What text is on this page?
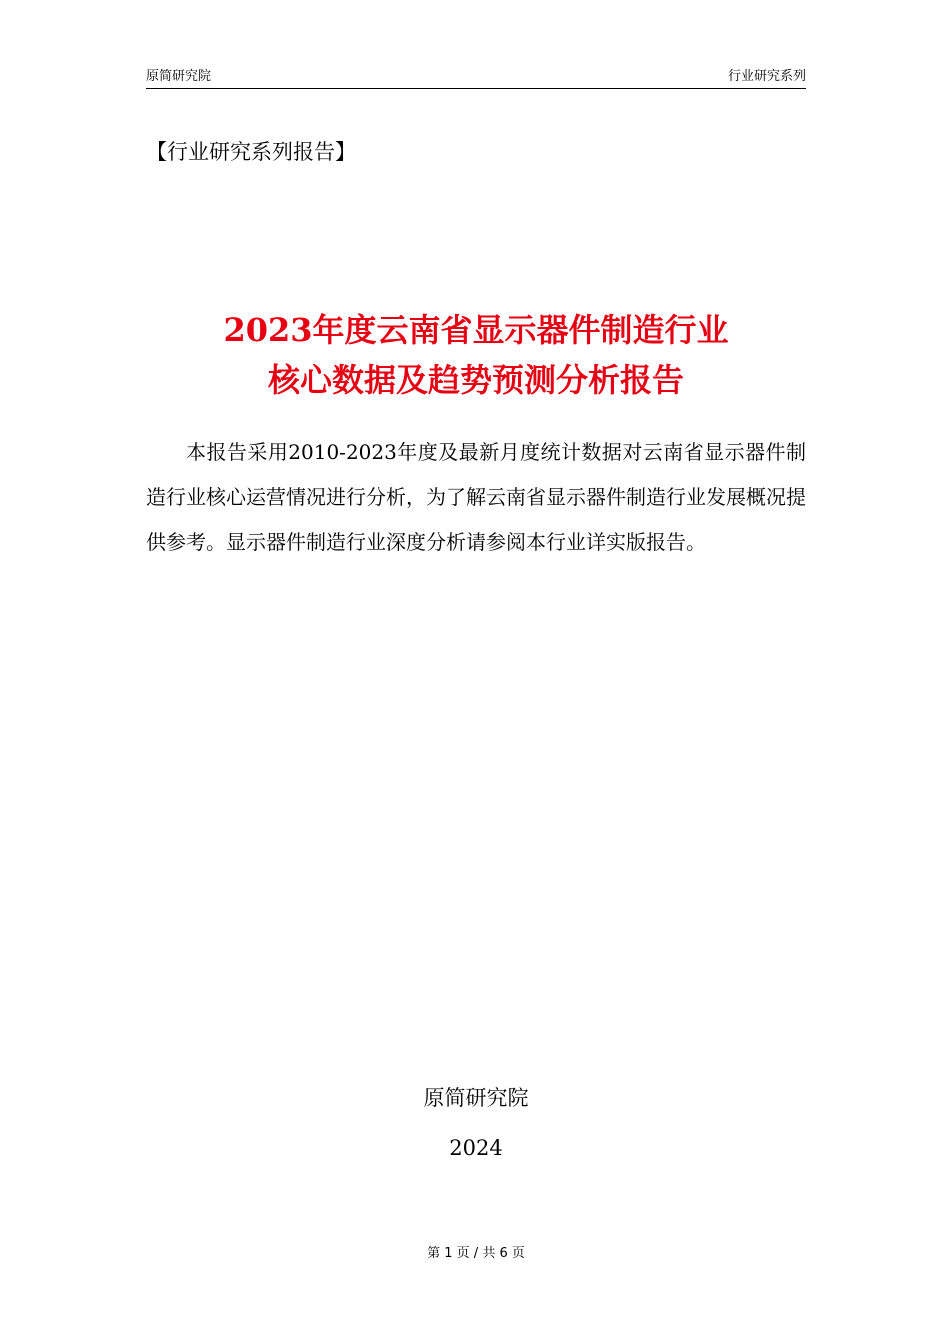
原简研究院	行业研究系列
【行业研究系列报告】
2023年度云南省显示器件制造行业
核心数据及趋势预测分析报告

本报告采用2010-2023年度及最新月度统计数据对云南省显示器件制造行业核心运营情况进行分析，为了解云南省显示器件制造行业发展概况提供参考。显示器件制造行业深度分析请参阅本行业详实版报告。

原简研究院
2024
第 1 页 / 共 6 页
